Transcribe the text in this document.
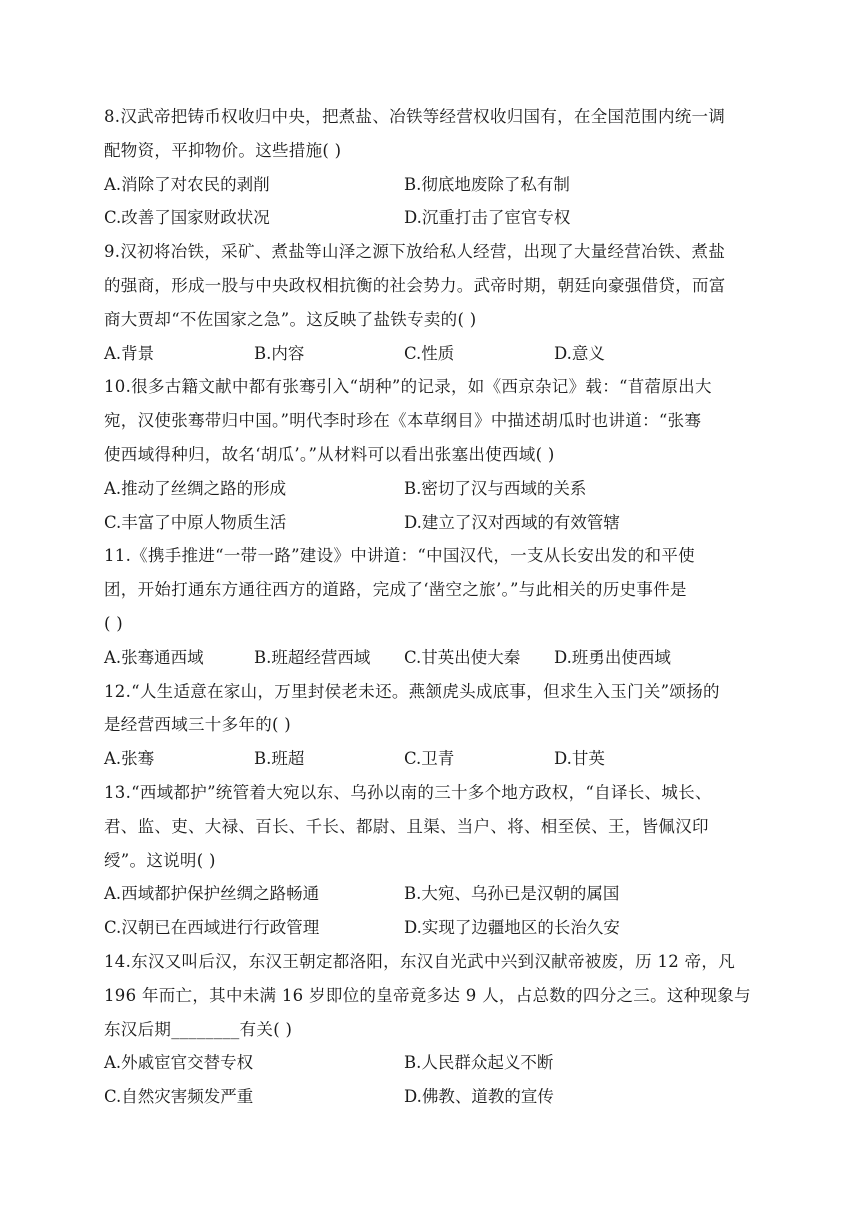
8.汉武帝把铸币权收归中央，把煮盐、冶铁等经营权收归国有，在全国范围内统一调
配物资，平抑物价。这些措施( )
A.消除了对农民的剥削	B.彻底地废除了私有制
C.改善了国家财政状况	D.沉重打击了宦官专权
9.汉初将冶铁，采矿、煮盐等山泽之源下放给私人经营，出现了大量经营冶铁、煮盐
的强商，形成一股与中央政权相抗衡的社会势力。武帝时期，朝廷向豪强借贷，而富
商大贾却“不佐国家之急”。这反映了盐铁专卖的( )
A.背景	B.内容	C.性质	D.意义
10.很多古籍文献中都有张骞引入“胡种”的记录，如《西京杂记》载：“苜蓿原出大
宛，汉使张骞带归中国。”明代李时珍在《本草纲目》中描述胡瓜时也讲道：“张骞
使西域得种归，故名‘胡瓜’。”从材料可以看出张塞出使西域( )
A.推动了丝绸之路的形成	B.密切了汉与西域的关系
C.丰富了中原人物质生活	D.建立了汉对西域的有效管辖
11.《携手推进“一带一路”建设》中讲道：“中国汉代，一支从长安出发的和平使
团，开始打通东方通往西方的道路，完成了‘凿空之旅’。”与此相关的历史事件是
( )
A.张骞通西域	B.班超经营西域	C.甘英出使大秦	D.班勇出使西域
12.“人生适意在家山，万里封侯老未还。燕颔虎头成底事，但求生入玉门关”颂扬的
是经营西域三十多年的( )
A.张骞	B.班超	C.卫青	D.甘英
13.“西域都护”统管着大宛以东、乌孙以南的三十多个地方政权，“自译长、城长、
君、监、吏、大禄、百长、千长、都尉、且渠、当户、将、相至侯、王，皆佩汉印
绶”。这说明( )
A.西域都护保护丝绸之路畅通	B.大宛、乌孙已是汉朝的属国
C.汉朝已在西域进行行政管理	D.实现了边疆地区的长治久安
14.东汉又叫后汉，东汉王朝定都洛阳，东汉自光武中兴到汉献帝被废，历 12 帝，凡
196 年而亡，其中未满 16 岁即位的皇帝竟多达 9 人，占总数的四分之三。这种现象与
东汉后期________有关( )
A.外戚宦官交替专权	B.人民群众起义不断
C.自然灾害频发严重	D.佛教、道教的宣传
